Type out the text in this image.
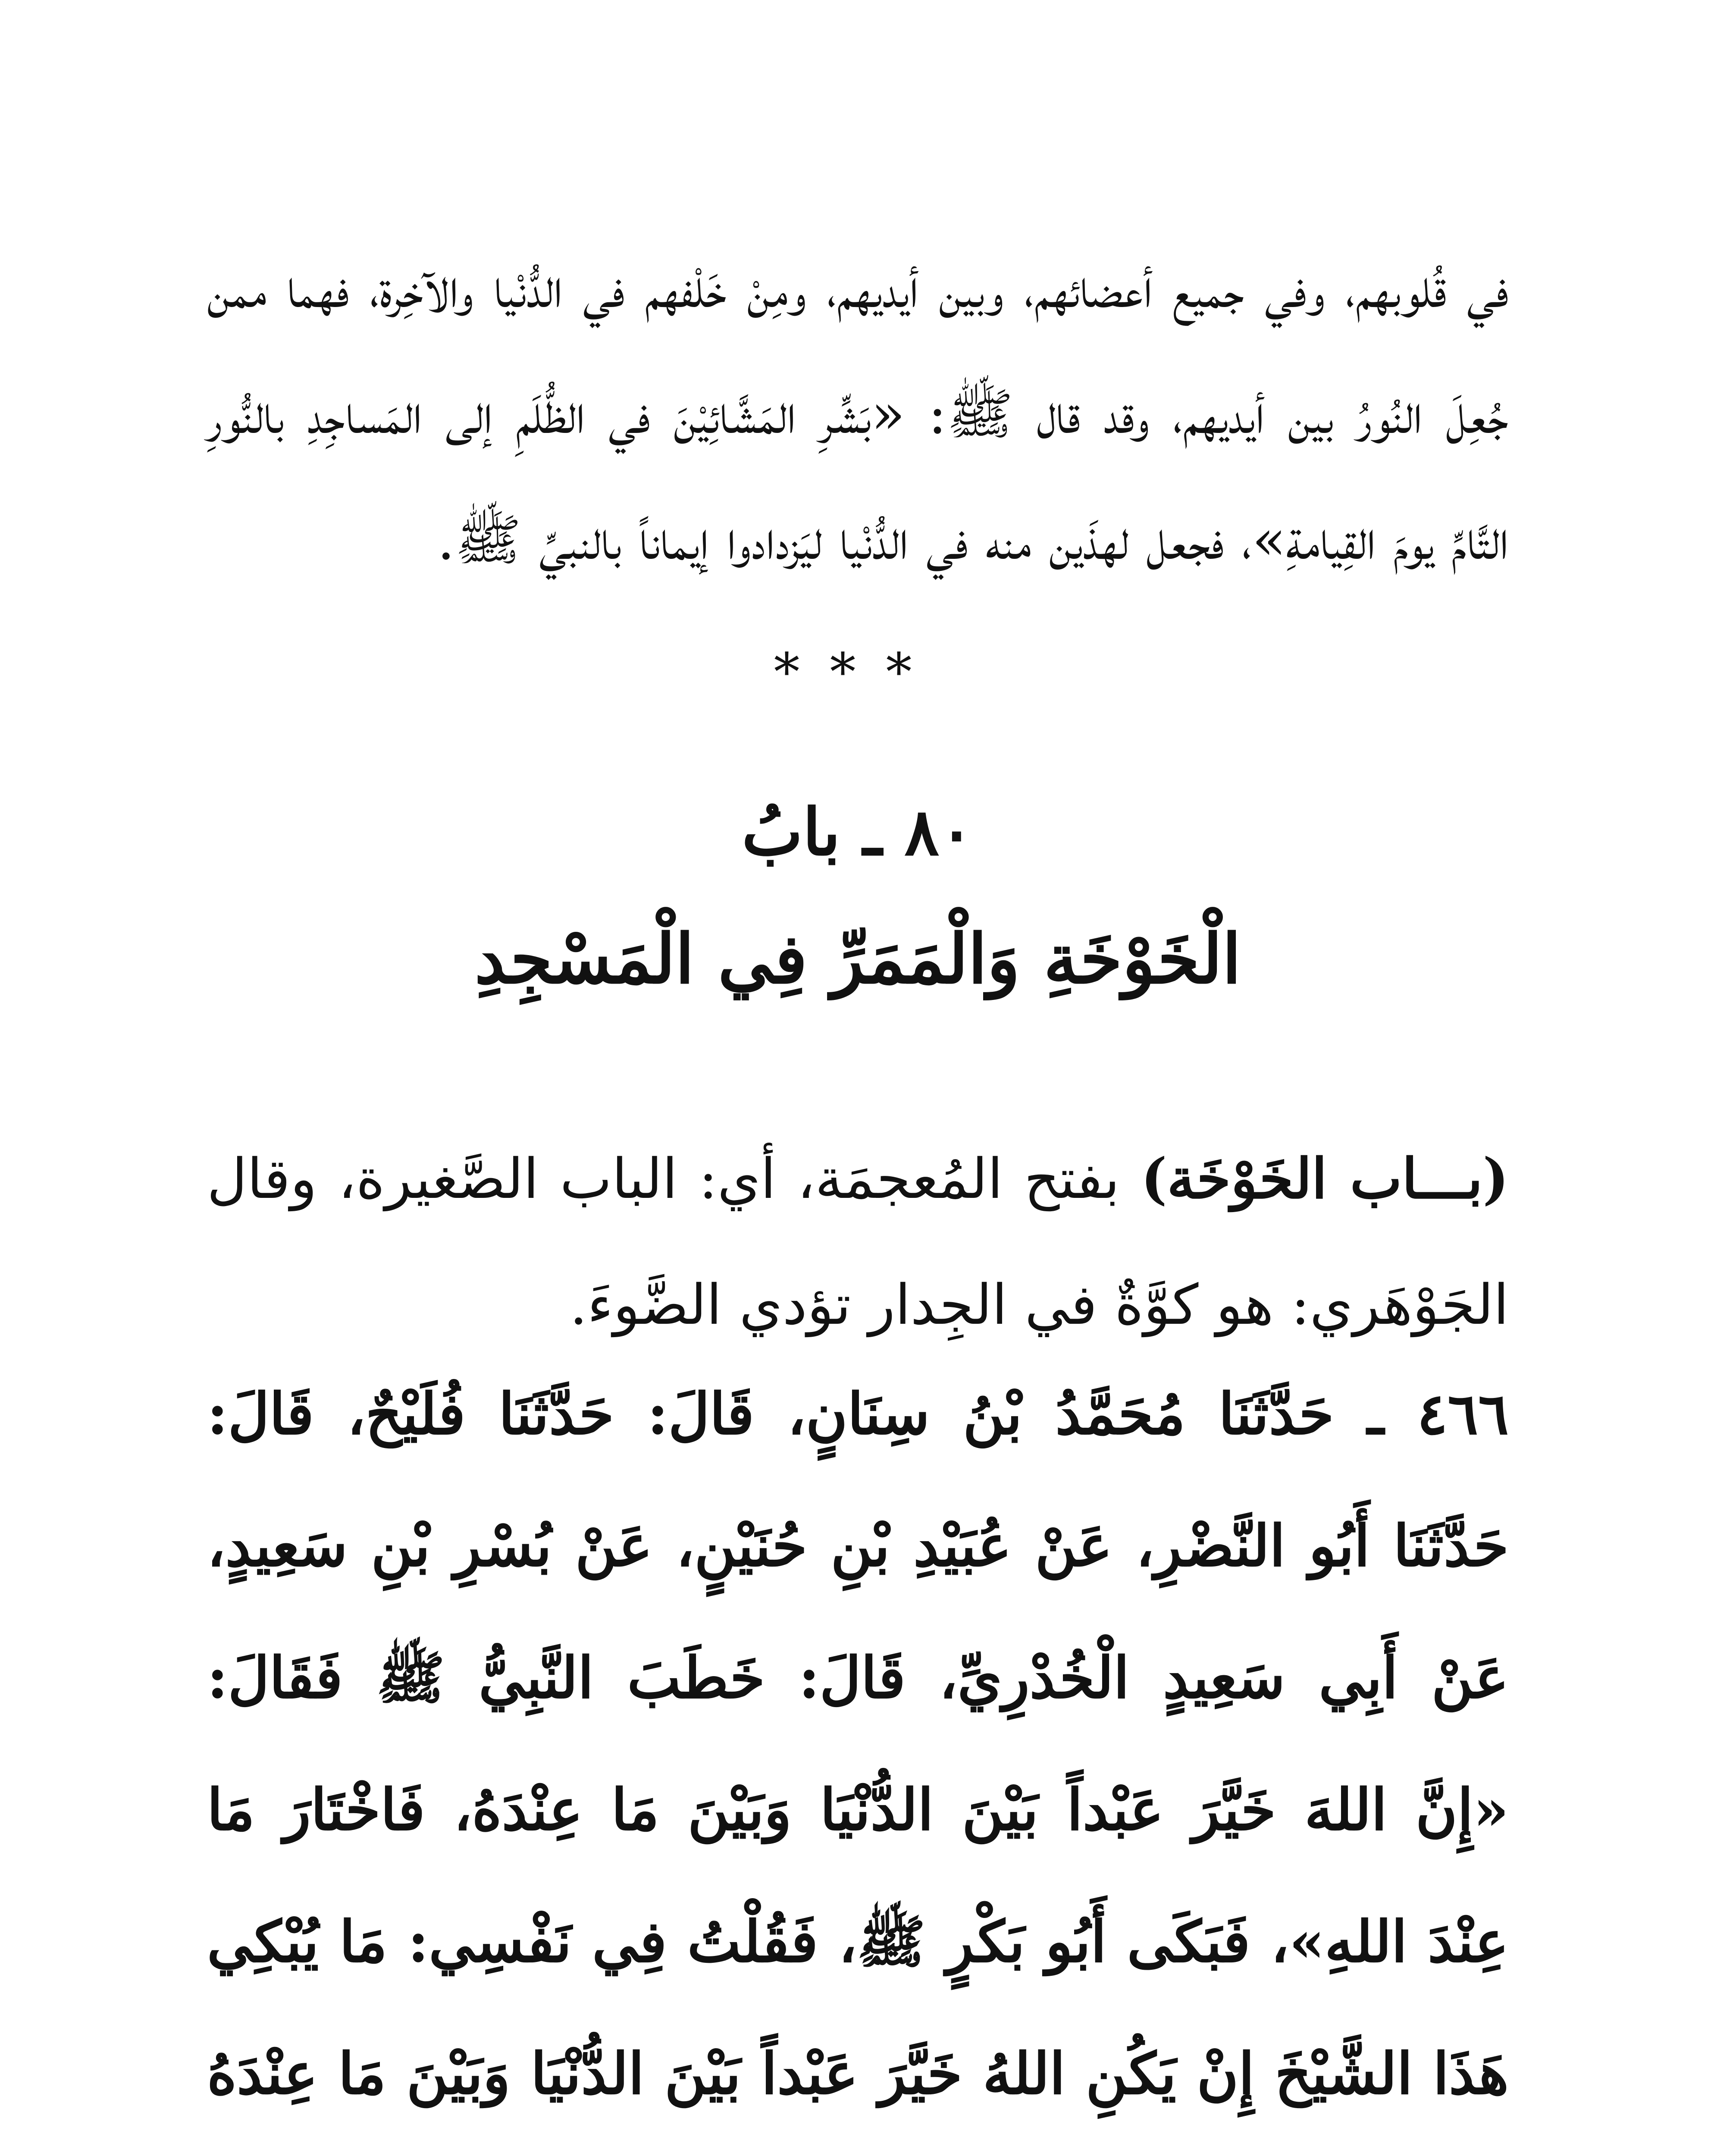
في قُلوبهم، وفي جميع أعضائهم، وبين أيديهم، ومِنْ خَلْفهم في الدُّنْيا والآخِرة، فهما ممن جُعِلَ النُورُ بين أيديهم، وقد قال ﷺ: «بَشِّرِ المَشَّائِيْنَ في الظُّلَمِ إلى المَساجِدِ بالنُّورِ التَّامِّ يومَ القِيامةِ»، فجعل لهذَين منه في الدُّنْيا ليَزدادوا إيماناً بالنبيِّ ﷺ.

***
٨٠ ـ بابُ
الْخَوْخَةِ وَالْمَمَرِّ فِي الْمَسْجِدِ

(بـــاب الخَوْخَة) بفتح المُعجمَة، أي: الباب الصَّغيرة، وقال الجَوْهَري: هو كوَّةٌ في الجِدار تؤدي الضَّوءَ.

٤٦٦ ـ حَدَّثَنَا مُحَمَّدُ بْنُ سِنَانٍ، قَالَ: حَدَّثَنَا فُلَيْحٌ، قَالَ: حَدَّثَنَا أَبُو النَّضْرِ، عَنْ عُبَيْدِ بْنِ حُنَيْنٍ، عَنْ بُسْرِ بْنِ سَعِيدٍ، عَنْ أَبِي سَعِيدٍ الْخُدْرِيِّ، قَالَ: خَطَبَ النَّبِيُّ ﷺ فَقَالَ: «إِنَّ اللهَ خَيَّرَ عَبْداً بَيْنَ الدُّنْيَا وَبَيْنَ مَا عِنْدَهُ، فَاخْتَارَ مَا عِنْدَ اللهِ»، فَبَكَى أَبُو بَكْرٍ ﷺ، فَقُلْتُ فِي نَفْسِي: مَا يُبْكِي هَذَا الشَّيْخَ إِنْ يَكُنِ اللهُ خَيَّرَ عَبْداً بَيْنَ الدُّنْيَا وَبَيْنَ مَا عِنْدَهُ
